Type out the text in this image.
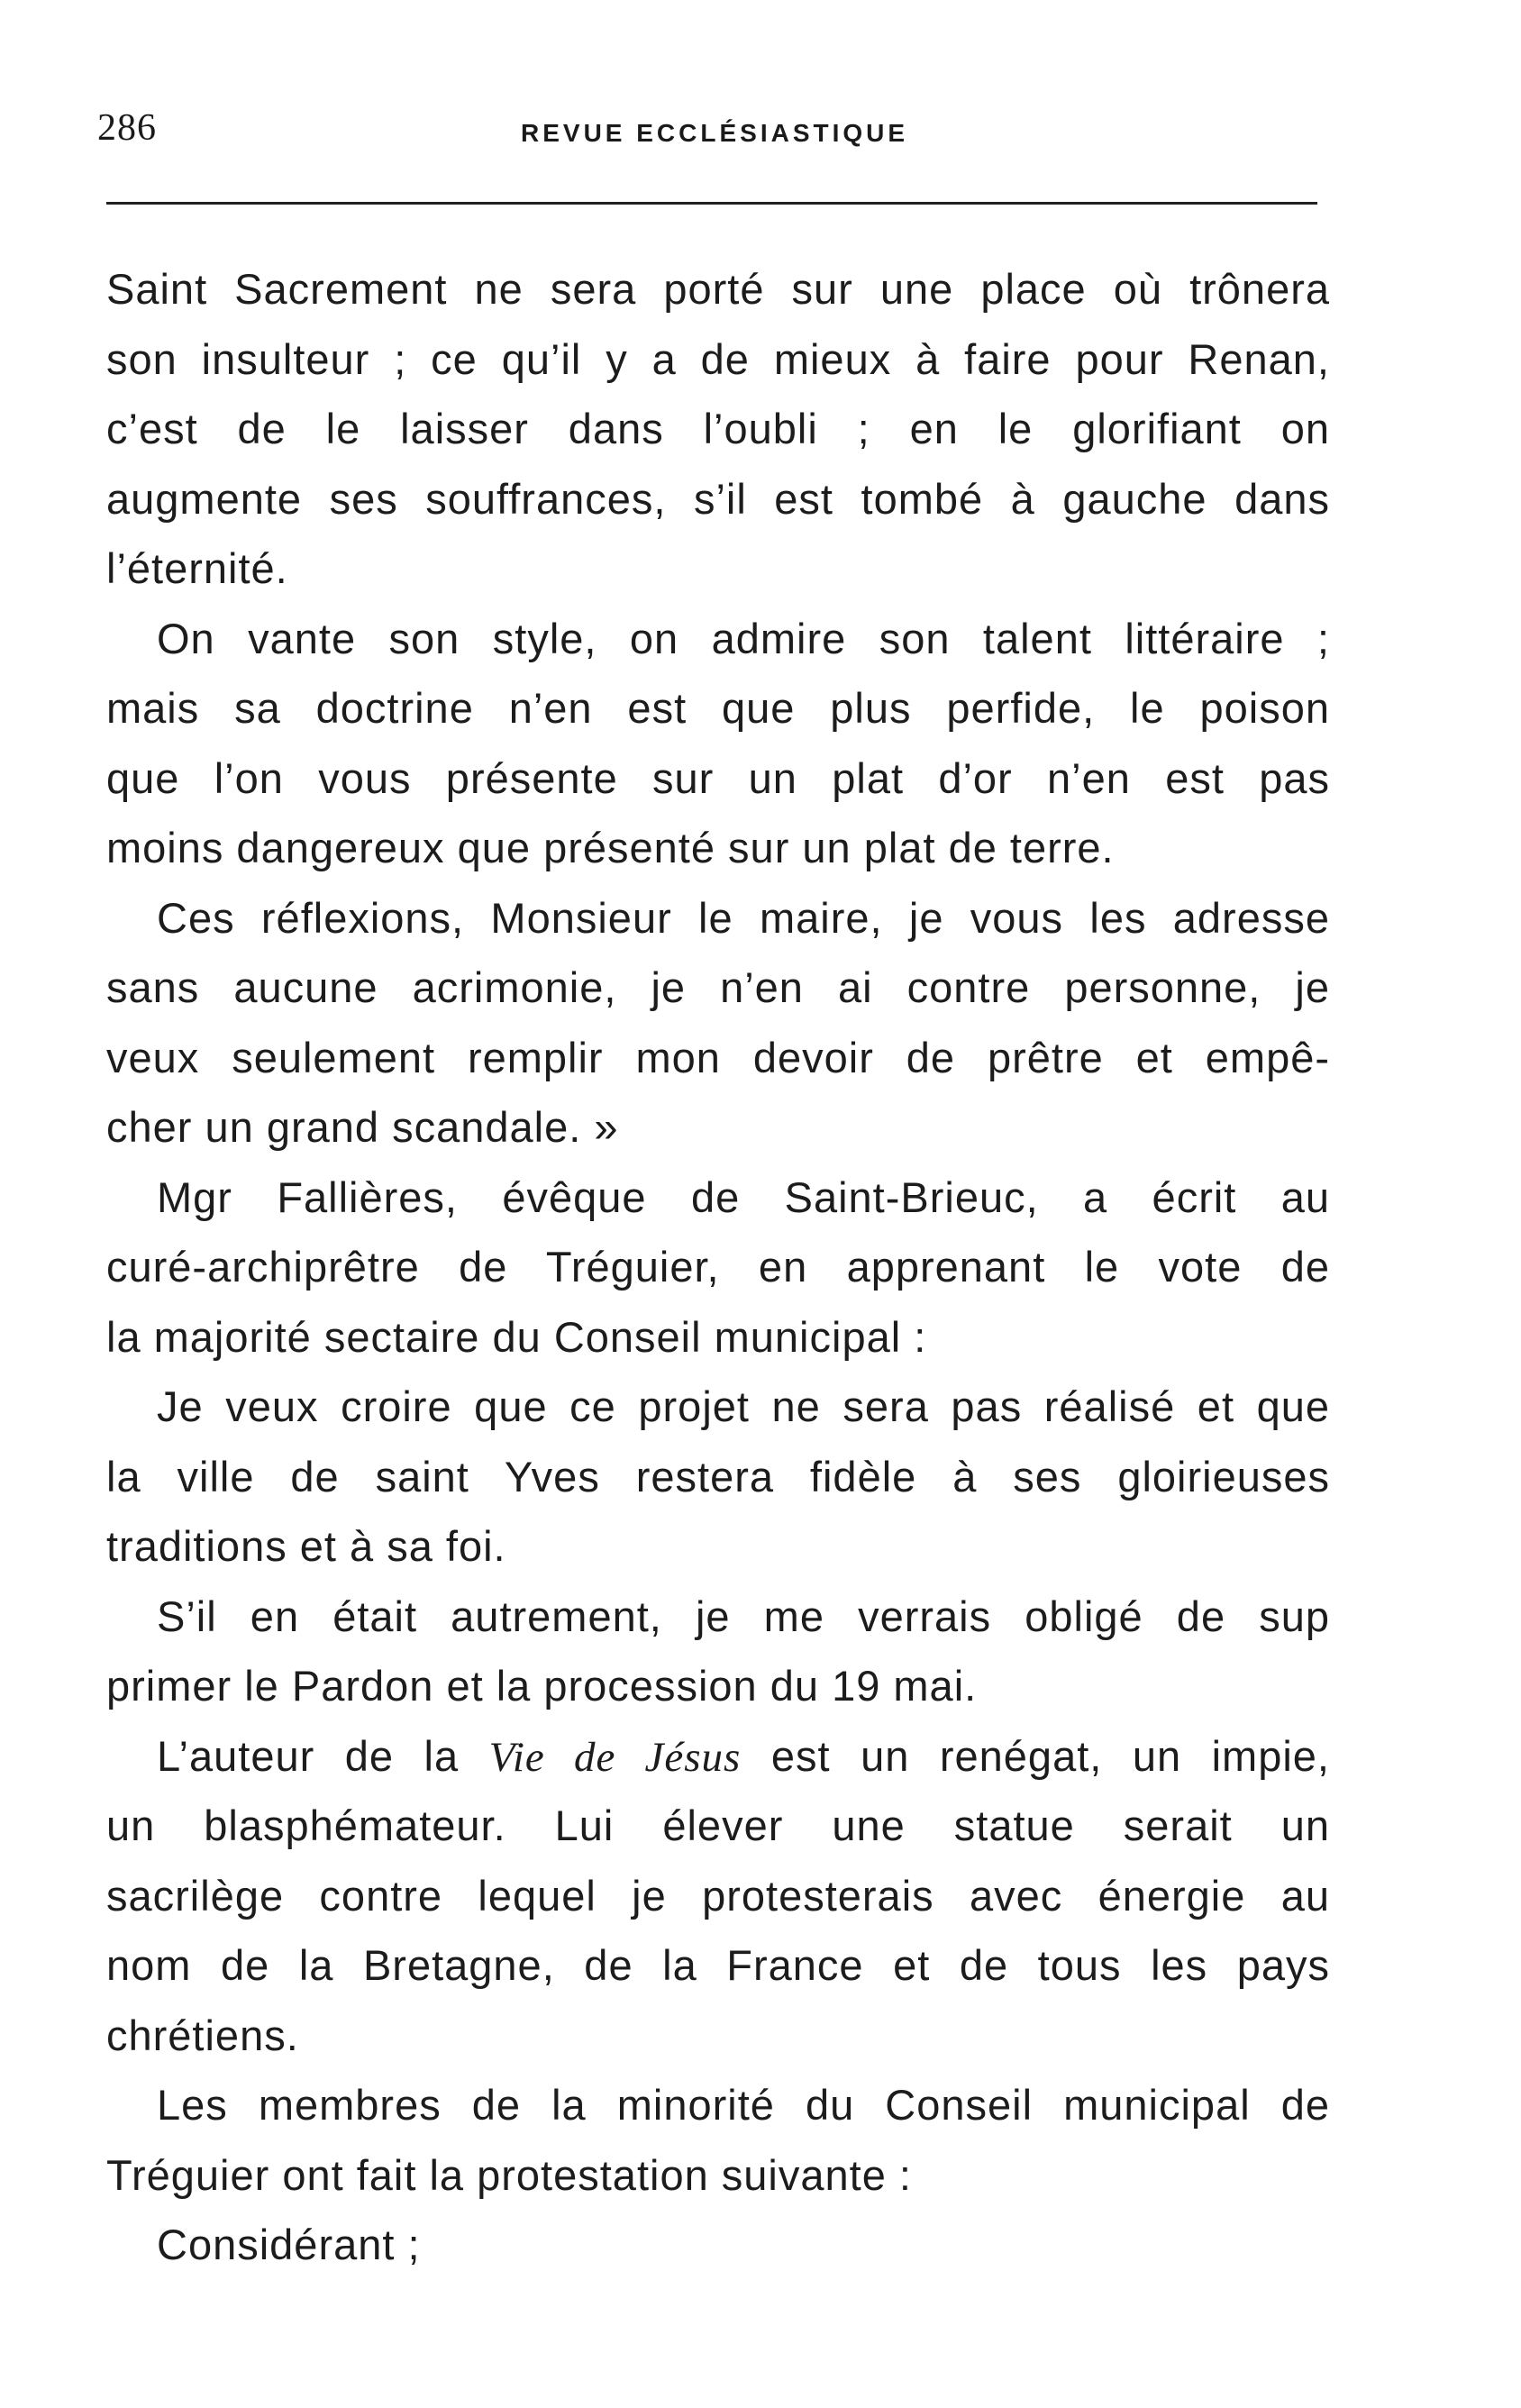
286	REVUE ECCLÉSIASTIQUE
Saint Sacrement ne sera porté sur une place où trônera
son insulteur ; ce qu’il y a de mieux à faire pour Renan,
c’est de le laisser dans l’oubli ; en le glorifiant on
augmente ses souffrances, s’il est tombé à gauche dans
l’éternité.
On vante son style, on admire son talent littéraire ;
mais sa doctrine n’en est que plus perfide, le poison
que l’on vous présente sur un plat d’or n’en est pas
moins dangereux que présenté sur un plat de terre.
Ces réflexions, Monsieur le maire, je vous les adresse
sans aucune acrimonie, je n’en ai contre personne, je
veux seulement remplir mon devoir de prêtre et empê-
cher un grand scandale. »
Mgr Fallières, évêque de Saint-Brieuc, a écrit au
curé-archiprêtre de Tréguier, en apprenant le vote de
la majorité sectaire du Conseil municipal :
Je veux croire que ce projet ne sera pas réalisé et que
la ville de saint Yves restera fidèle à ses gloirieuses
traditions et à sa foi.
S’il en était autrement, je me verrais obligé de sup
primer le Pardon et la procession du 19 mai.
L’auteur de la Vie de Jésus est un renégat, un impie,
un blasphémateur. Lui élever une statue serait un
sacrilège contre lequel je protesterais avec énergie au
nom de la Bretagne, de la France et de tous les pays
chrétiens.
Les membres de la minorité du Conseil municipal de
Tréguier ont fait la protestation suivante :
Considérant ;
